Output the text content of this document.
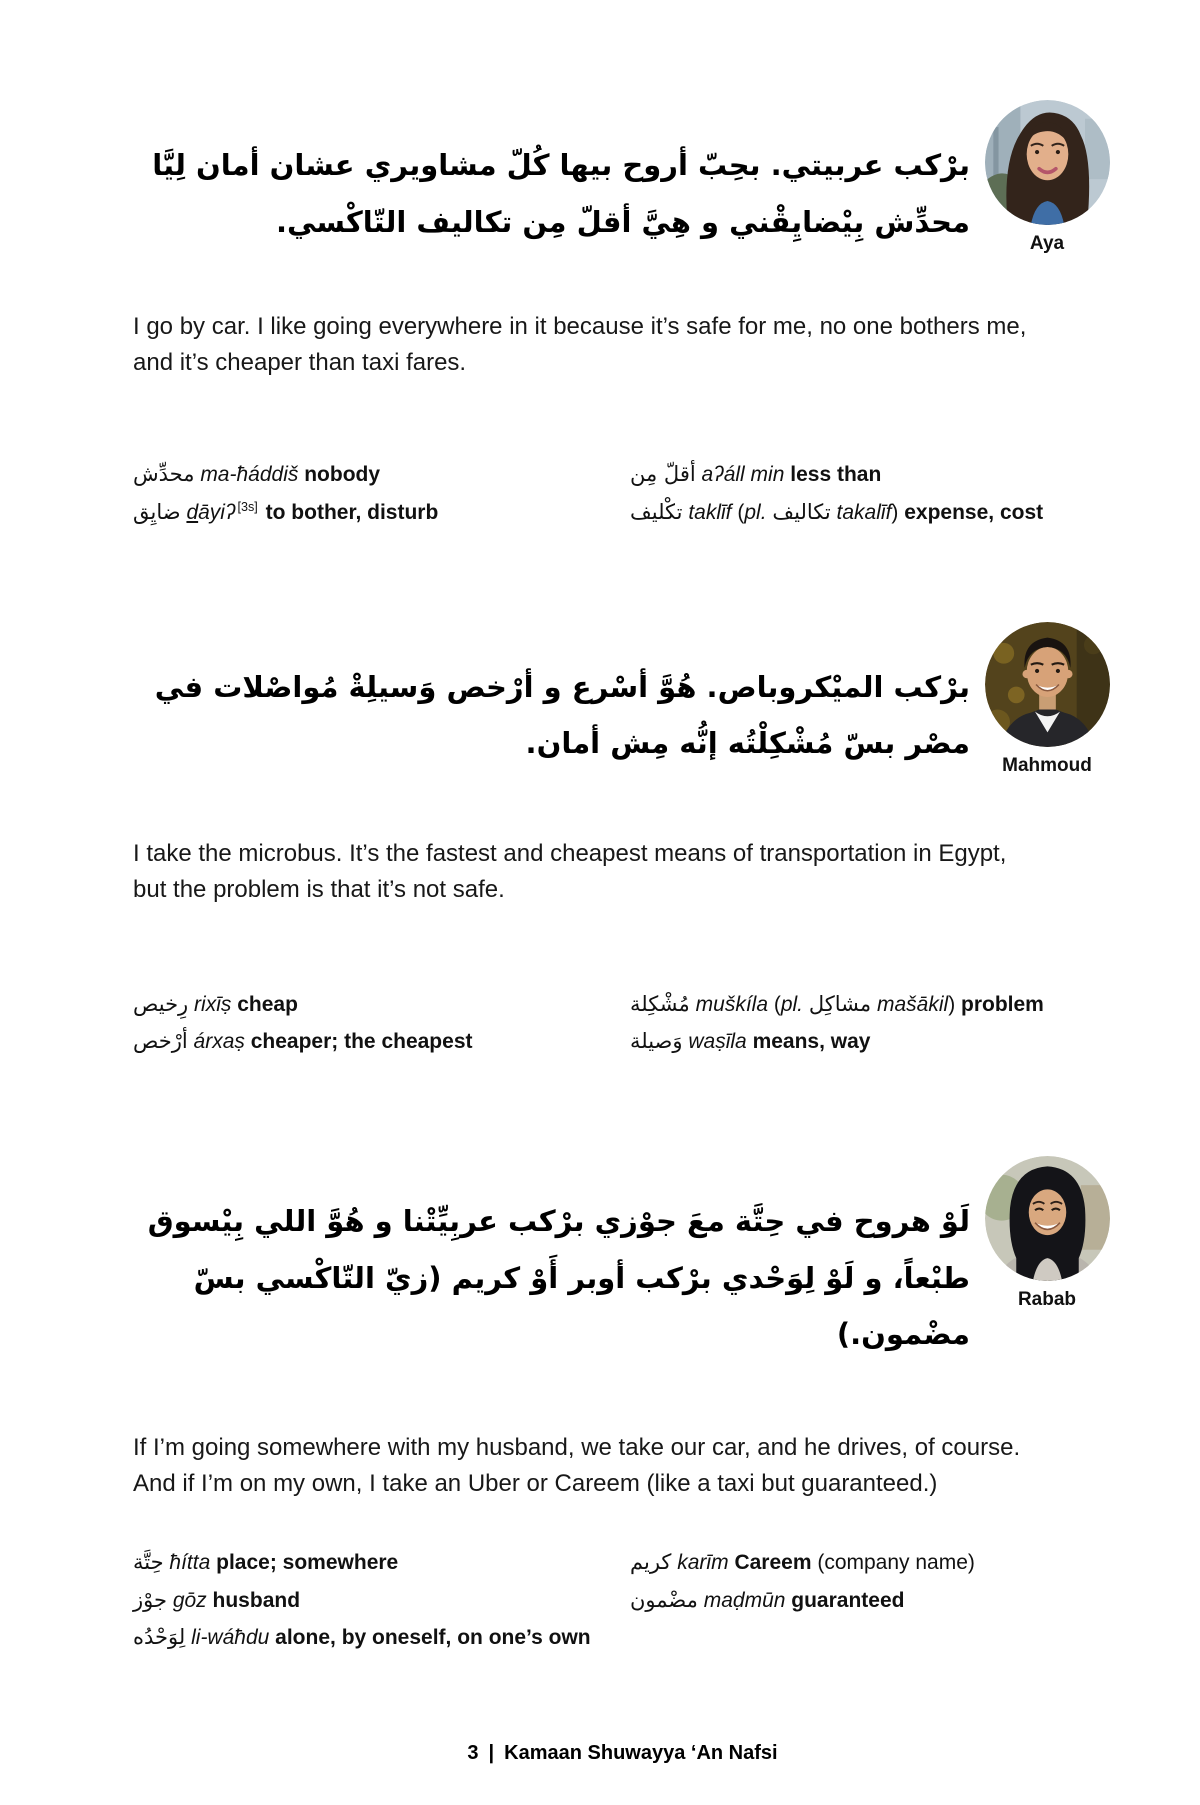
برْكب عربيتي. بحِبّ أروح بيها كُلّ مشاويري عشان أمان لِيَّا محدِّش بِيْضايِقْني و هِيَّ أقلّ مِن تكاليف التّاكْسي.

Aya

I go by car. I like going everywhere in it because it’s safe for me, no one bothers me, and it’s cheaper than taxi fares.

محدِّش ma-ħáddiš nobody
ضايِق dāyiʔ [3s] to bother, disturb
أقلّ مِن aʔáll min less than
تكْليف taklīf (pl. تكاليف takalīf) expense, cost

برْكب الميْكروباص. هُوَّ أسْرع و أرْخص وَسيلِةْ مُواصْلات في مصْر بسّ مُشْكِلْتُه إنُّه مِش أمان.

Mahmoud

I take the microbus. It’s the fastest and cheapest means of transportation in Egypt, but the problem is that it’s not safe.

رِخيص rixīṣ cheap
أرْخص árxaṣ cheaper; the cheapest
مُشْكِلة muškíla (pl. مشاكِل mašākil) problem
وَصيلة waṣīla means, way

لَوْ هروح في حِتَّة معَ جوْزي برْكب عربِيِّتْنا و هُوَّ اللي بِيْسوق طبْعاً، و لَوْ لِوَحْدي برْكب أوبر أَوْ كريم (زيّ التّاكْسي بسّ مضْمون.)

Rabab

If I’m going somewhere with my husband, we take our car, and he drives, of course. And if I’m on my own, I take an Uber or Careem (like a taxi but guaranteed.)

حِتَّة ħítta place; somewhere
جوْز gōz husband
لِوَحْدُه li-wáħdu alone, by oneself, on one’s own
كريم karīm Careem (company name)
مضْمون maḍmūn guaranteed
3 | Kamaan Shuwayya ‘An Nafsi
